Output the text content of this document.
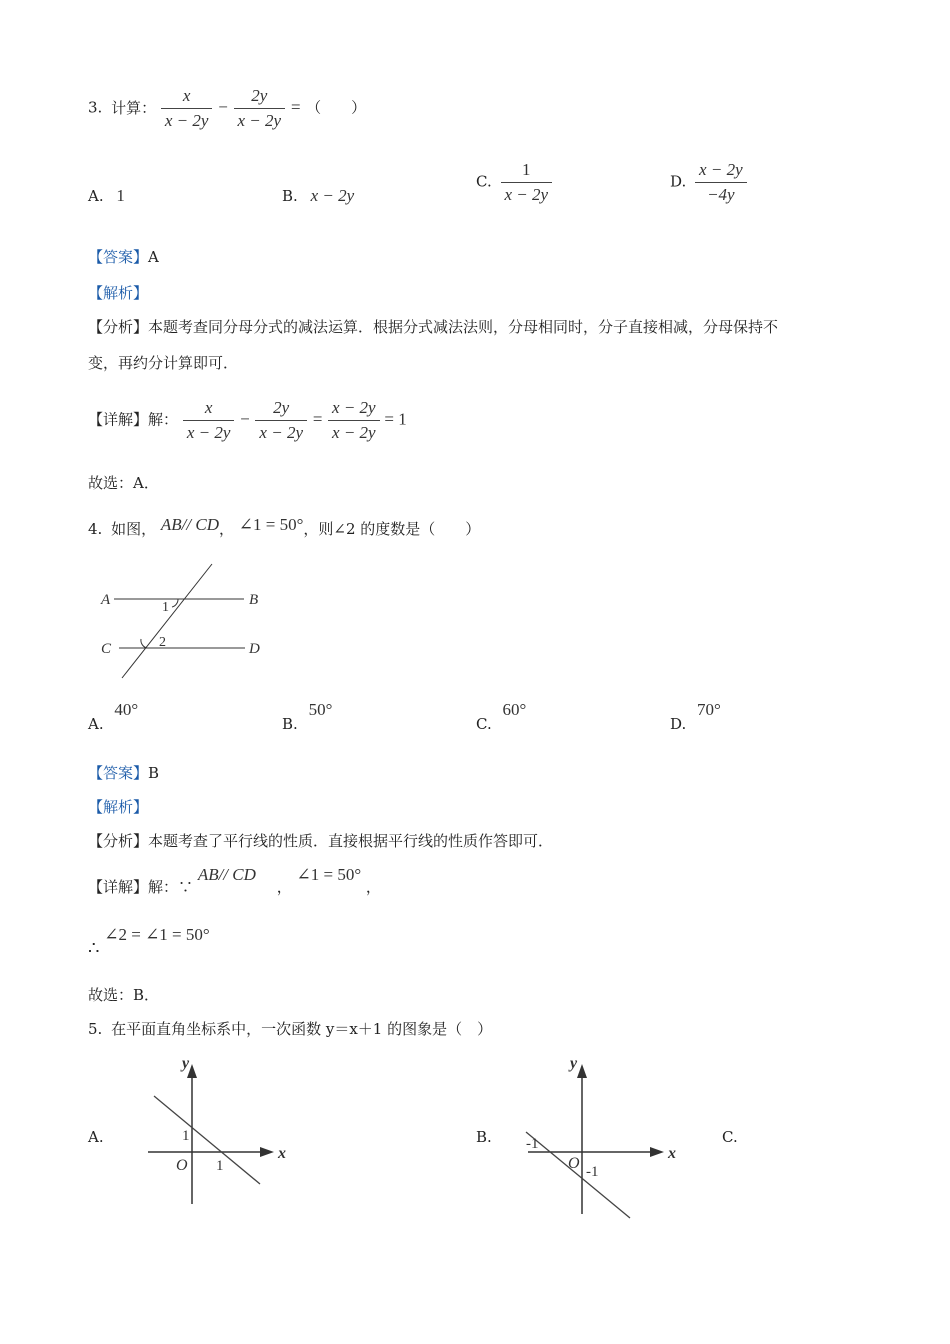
3. 计算： $\frac{x}{x - 2y} - \frac{2y}{x - 2y}$ = （　　）
A. 1	B. x − 2y
C. $\frac{1}{x - 2y}$	D. $\frac{x - 2y}{-4y}$
【答案】A
【解析】
【分析】本题考查同分母分式的减法运算．根据分式减法法则，分母相同时，分子直接相减，分母保持不
变，再约分计算即可．
【详解】解： $\frac{x}{x - 2y} - \frac{2y}{x - 2y} = \frac{x - 2y}{x - 2y} = 1$
故选：A．
4. 如图， AB// CD， ∠1 = 50°，则∠2 的度数是（　　）
A	B
C	D
1
2
A. 40°
B. 50°
C. 60°
D. 70°
【答案】B
【解析】
【分析】本题考查了平行线的性质．直接根据平行线的性质作答即可．
【详解】解：∵ AB// CD ， ∠1 = 50° ，
∴ ∠2 = ∠1 = 50°
故选：B．
5. 在平面直角坐标系中，一次函数 y＝x＋1 的图象是（　）
A.
y
x
O
1
1
B.
y
x
O
-1
-1
C.
